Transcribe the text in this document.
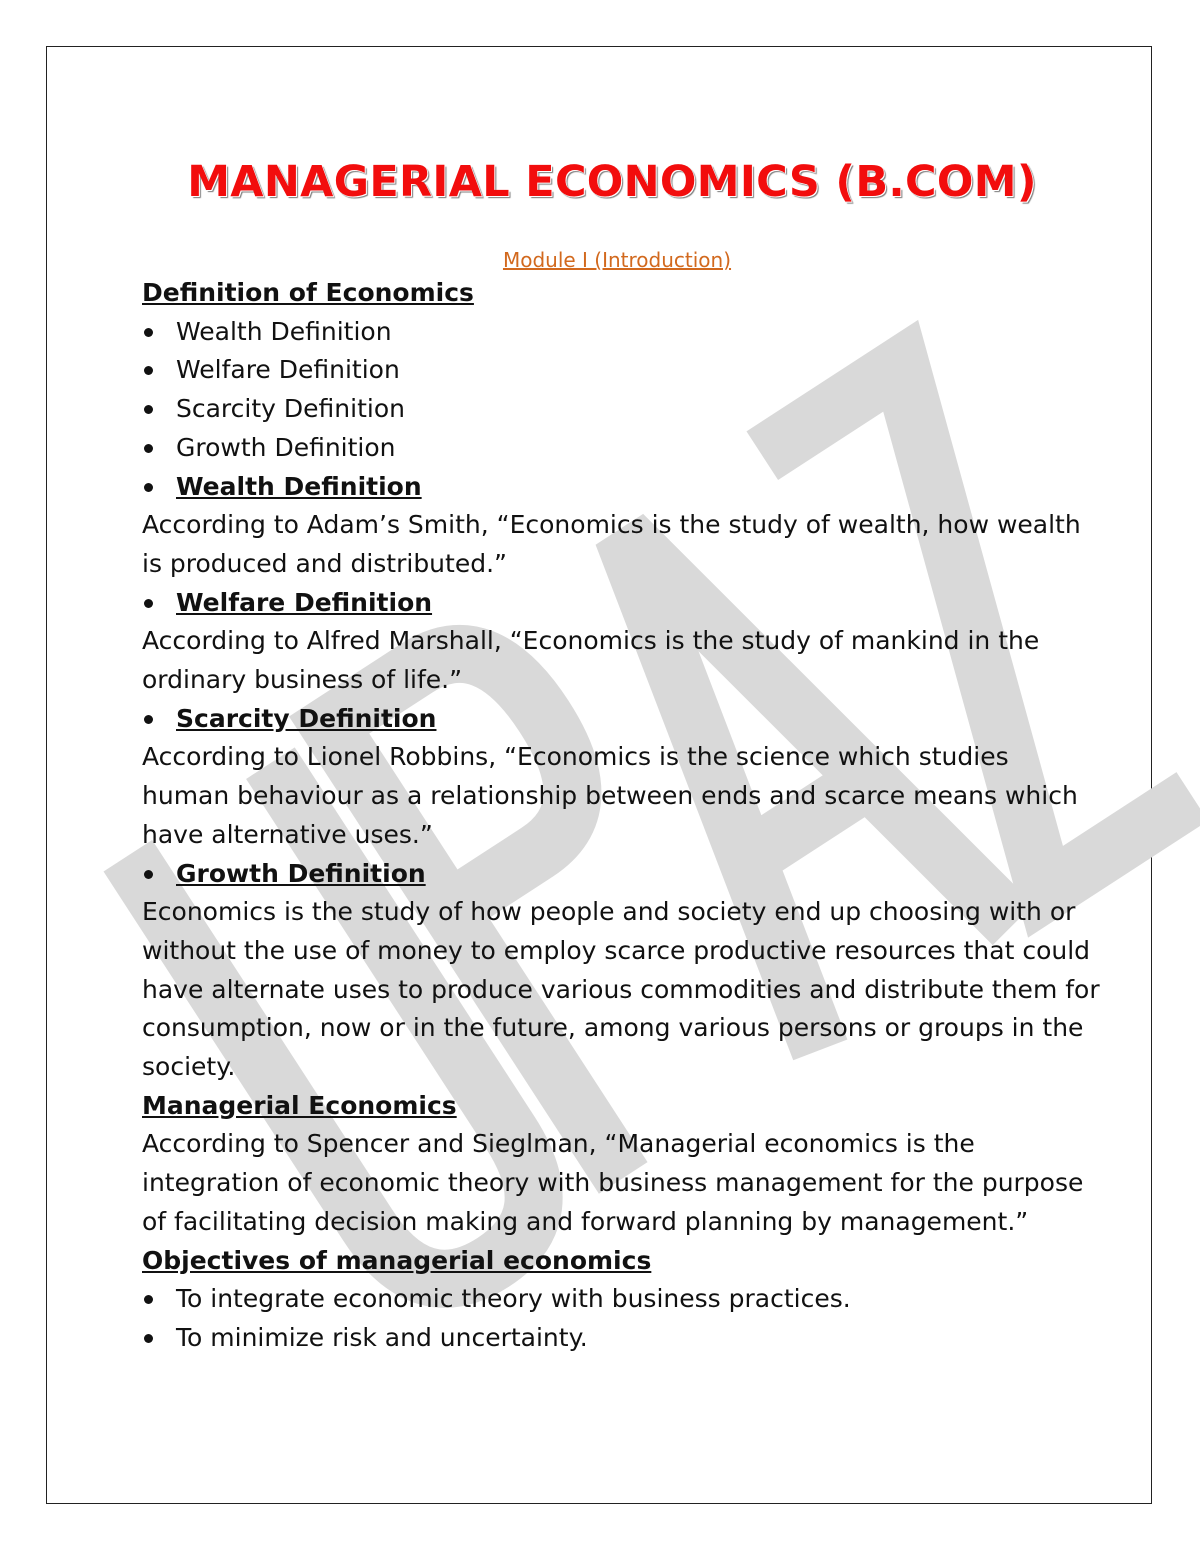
MANAGERIAL ECONOMICS (B.COM)
Module I (Introduction)
Definition of Economics
Wealth Definition
Welfare Definition
Scarcity Definition
Growth Definition
Wealth Definition

According to Adam’s Smith, “Economics is the study of wealth, how wealth is produced and distributed.”

Welfare Definition

According to Alfred Marshall, “Economics is the study of mankind in the ordinary business of life.”

Scarcity Definition

According to Lionel Robbins, “Economics is the science which studies human behaviour as a relationship between ends and scarce means which have alternative uses.”

Growth Definition

Economics is the study of how people and society end up choosing with or without the use of money to employ scarce productive resources that could have alternate uses to produce various commodities and distribute them for consumption, now or in the future, among various persons or groups in the society.

Managerial Economics

According to Spencer and Sieglman, “Managerial economics is the integration of economic theory with business management for the purpose of facilitating decision making and forward planning by management.”

Objectives of managerial economics
To integrate economic theory with business practices.
To minimize risk and uncertainty.
